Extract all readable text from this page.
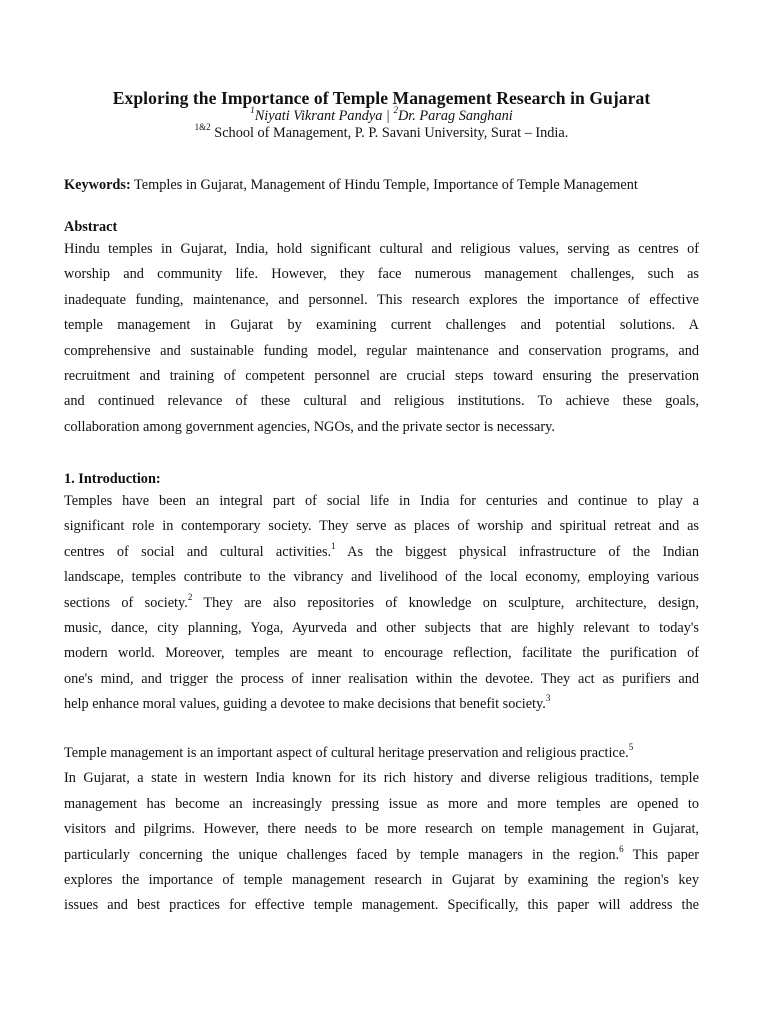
Exploring the Importance of Temple Management Research in Gujarat
$^1$Niyati Vikrant Pandya | $^2$Dr. Parag Sanghani
$^{1\&2}$ School of Management, P. P. Savani University, Surat – India.
Keywords: Temples in Gujarat, Management of Hindu Temple, Importance of Temple Management
Abstract
Hindu temples in Gujarat, India, hold significant cultural and religious values, serving as centres of
worship and community life. However, they face numerous management challenges, such as
inadequate funding, maintenance, and personnel. This research explores the importance of effective
temple management in Gujarat by examining current challenges and potential solutions. A
comprehensive and sustainable funding model, regular maintenance and conservation programs, and
recruitment and training of competent personnel are crucial steps toward ensuring the preservation
and continued relevance of these cultural and religious institutions. To achieve these goals,
collaboration among government agencies, NGOs, and the private sector is necessary.
1. Introduction:
Temples have been an integral part of social life in India for centuries and continue to play a
significant role in contemporary society. They serve as places of worship and spiritual retreat and as
centres of social and cultural activities.$^1$ As the biggest physical infrastructure of the Indian
landscape, temples contribute to the vibrancy and livelihood of the local economy, employing various
sections of society.$^2$ They are also repositories of knowledge on sculpture, architecture, design,
music, dance, city planning, Yoga, Ayurveda and other subjects that are highly relevant to today's
modern world. Moreover, temples are meant to encourage reflection, facilitate the purification of
one's mind, and trigger the process of inner realisation within the devotee. They act as purifiers and
help enhance moral values, guiding a devotee to make decisions that benefit society.$^3$
Temple management is an important aspect of cultural heritage preservation and religious practice.$^5$
In Gujarat, a state in western India known for its rich history and diverse religious traditions, temple
management has become an increasingly pressing issue as more and more temples are opened to
visitors and pilgrims. However, there needs to be more research on temple management in Gujarat,
particularly concerning the unique challenges faced by temple managers in the region.$^6$ This paper
explores the importance of temple management research in Gujarat by examining the region's key
issues and best practices for effective temple management. Specifically, this paper will address the
